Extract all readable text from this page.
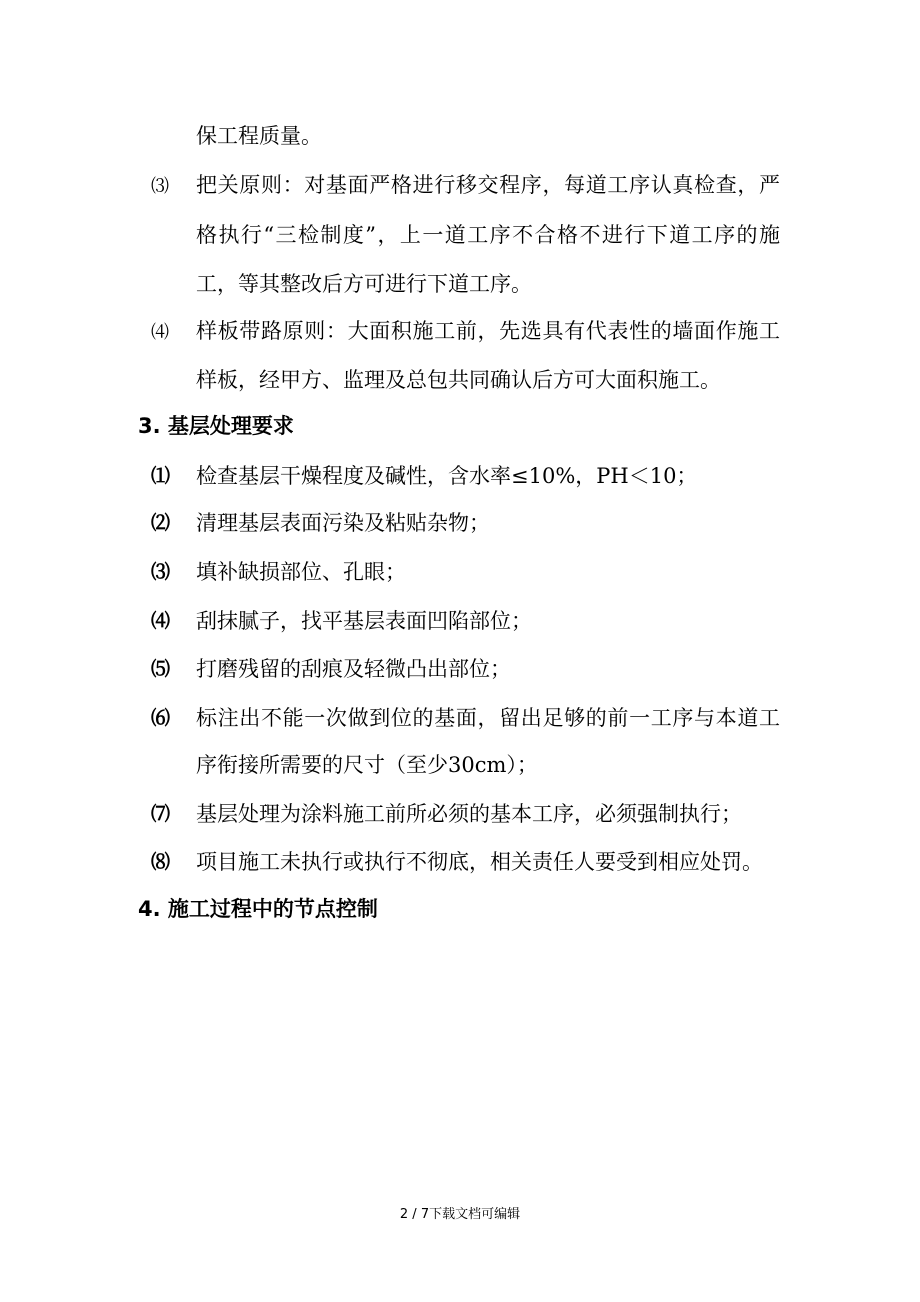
保工程质量。
⑶ 把关原则：对基面严格进行移交程序，每道工序认真检查，严
格执行“三检制度”，上一道工序不合格不进行下道工序的施
工，等其整改后方可进行下道工序。
⑷ 样板带路原则：大面积施工前，先选具有代表性的墙面作施工
样板，经甲方、监理及总包共同确认后方可大面积施工。
3. 基层处理要求
⑴ 检查基层干燥程度及碱性，含水率≤10%，PH＜10；
⑵ 清理基层表面污染及粘贴杂物；
⑶ 填补缺损部位、孔眼；
⑷ 刮抹腻子，找平基层表面凹陷部位；
⑸ 打磨残留的刮痕及轻微凸出部位；
⑹ 标注出不能一次做到位的基面，留出足够的前一工序与本道工
序衔接所需要的尺寸（至少30cm）；
⑺ 基层处理为涂料施工前所必须的基本工序，必须强制执行；
⑻ 项目施工未执行或执行不彻底，相关责任人要受到相应处罚。
4. 施工过程中的节点控制
2 / 7下载文档可编辑
